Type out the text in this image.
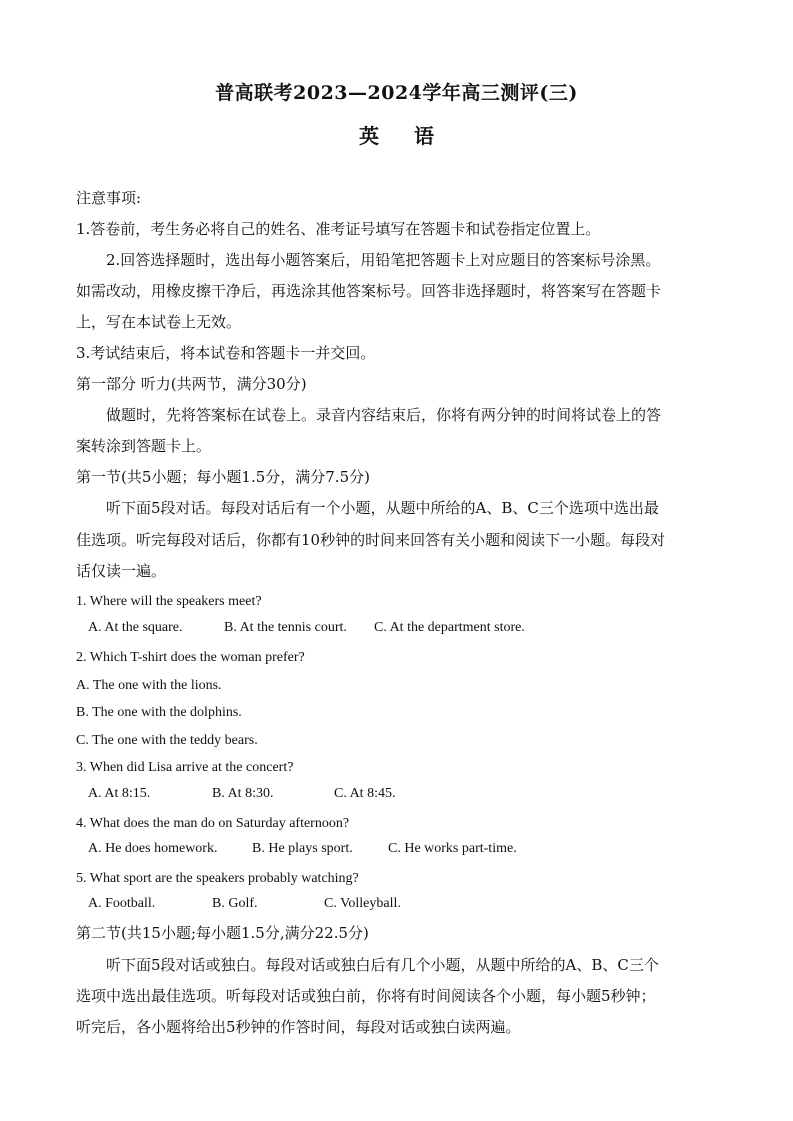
普高联考2023—2024学年高三测评(三)
英 语
注意事项:
1.答卷前，考生务必将自己的姓名、准考证号填写在答题卡和试卷指定位置上。
2.回答选择题时，选出每小题答案后，用铅笔把答题卡上对应题目的答案标号涂黑。
如需改动，用橡皮擦干净后，再选涂其他答案标号。回答非选择题时，将答案写在答题卡
上，写在本试卷上无效。
3.考试结束后，将本试卷和答题卡一并交回。
第一部分 听力(共两节，满分30分)
做题时，先将答案标在试卷上。录音内容结束后，你将有两分钟的时间将试卷上的答
案转涂到答题卡上。
第一节(共5小题；每小题1.5分，满分7.5分)
听下面5段对话。每段对话后有一个小题，从题中所给的A、B、C三个选项中选出最
佳选项。听完每段对话后，你都有10秒钟的时间来回答有关小题和阅读下一小题。每段对
话仅读一遍。
1. Where will the speakers meet?
A. At the square.	B. At the tennis court. C. At the department store.
2. Which T-shirt does the woman prefer?
A. The one with the lions.
B. The one with the dolphins.
C. The one with the teddy bears.
3. When did Lisa arrive at the concert?
A. At 8:15.	B. At 8:30.	C. At 8:45.
4. What does the man do on Saturday afternoon?
A. He does homework. B. He plays sport.	C. He works part-time.
5. What sport are the speakers probably watching?
A. Football.	B. Golf.	C. Volleyball.
第二节(共15小题;每小题1.5分,满分22.5分)
听下面5段对话或独白。每段对话或独白后有几个小题，从题中所给的A、B、C三个
选项中选出最佳选项。听每段对话或独白前，你将有时间阅读各个小题，每小题5秒钟；
听完后，各小题将给出5秒钟的作答时间，每段对话或独白读两遍。
